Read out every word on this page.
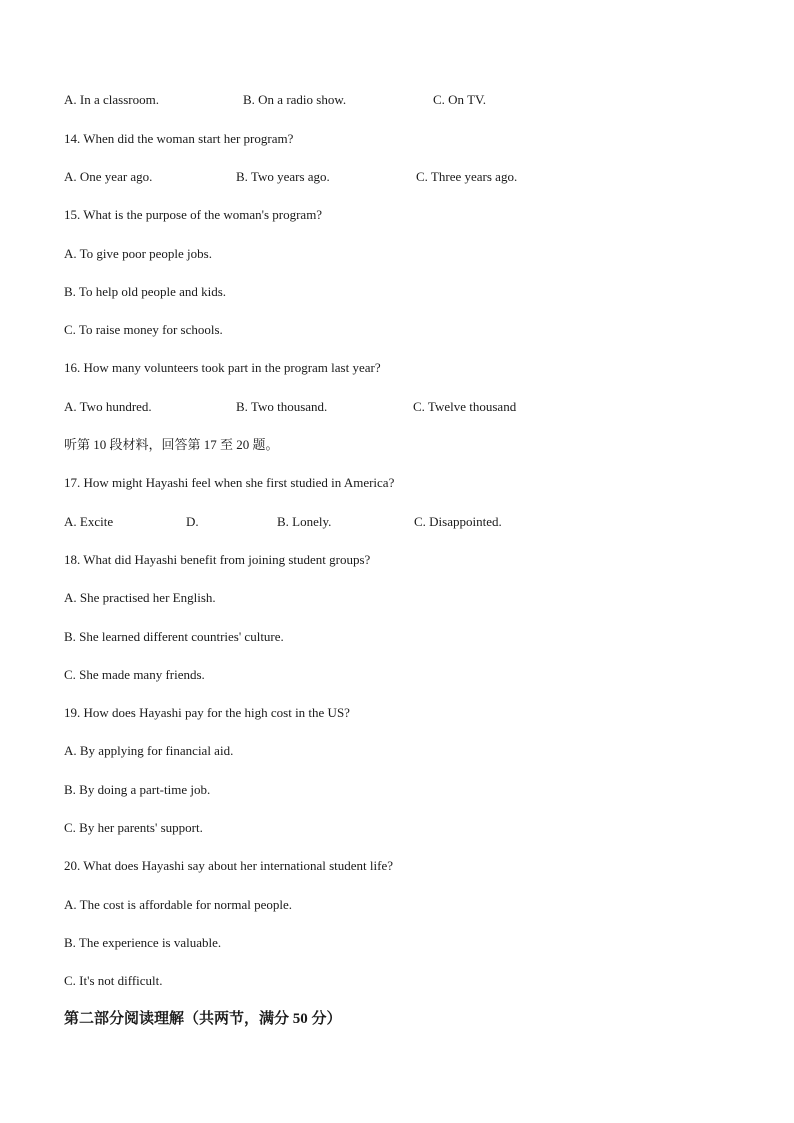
A. In a classroom.	B. On a radio show.	C. On TV.
14. When did the woman start her program?
A. One year ago.	B. Two years ago.	C. Three years ago.
15. What is the purpose of the woman's program?
A. To give poor people jobs.
B. To help old people and kids.
C. To raise money for schools.
16. How many volunteers took part in the program last year?
A. Two hundred.	B. Two thousand.	C. Twelve thousand
听第 10 段材料，回答第 17 至 20 题。
17. How might Hayashi feel when she first studied in America?
A. Excite	D.	B. Lonely.	C. Disappointed.
18. What did Hayashi benefit from joining student groups?
A. She practised her English.
B. She learned different countries' culture.
C. She made many friends.
19. How does Hayashi pay for the high cost in the US?
A. By applying for financial aid.
B. By doing a part-time job.
C. By her parents' support.
20. What does Hayashi say about her international student life?
A. The cost is affordable for normal people.
B. The experience is valuable.
C. It's not difficult.
第二部分阅读理解（共两节，满分 50 分）
